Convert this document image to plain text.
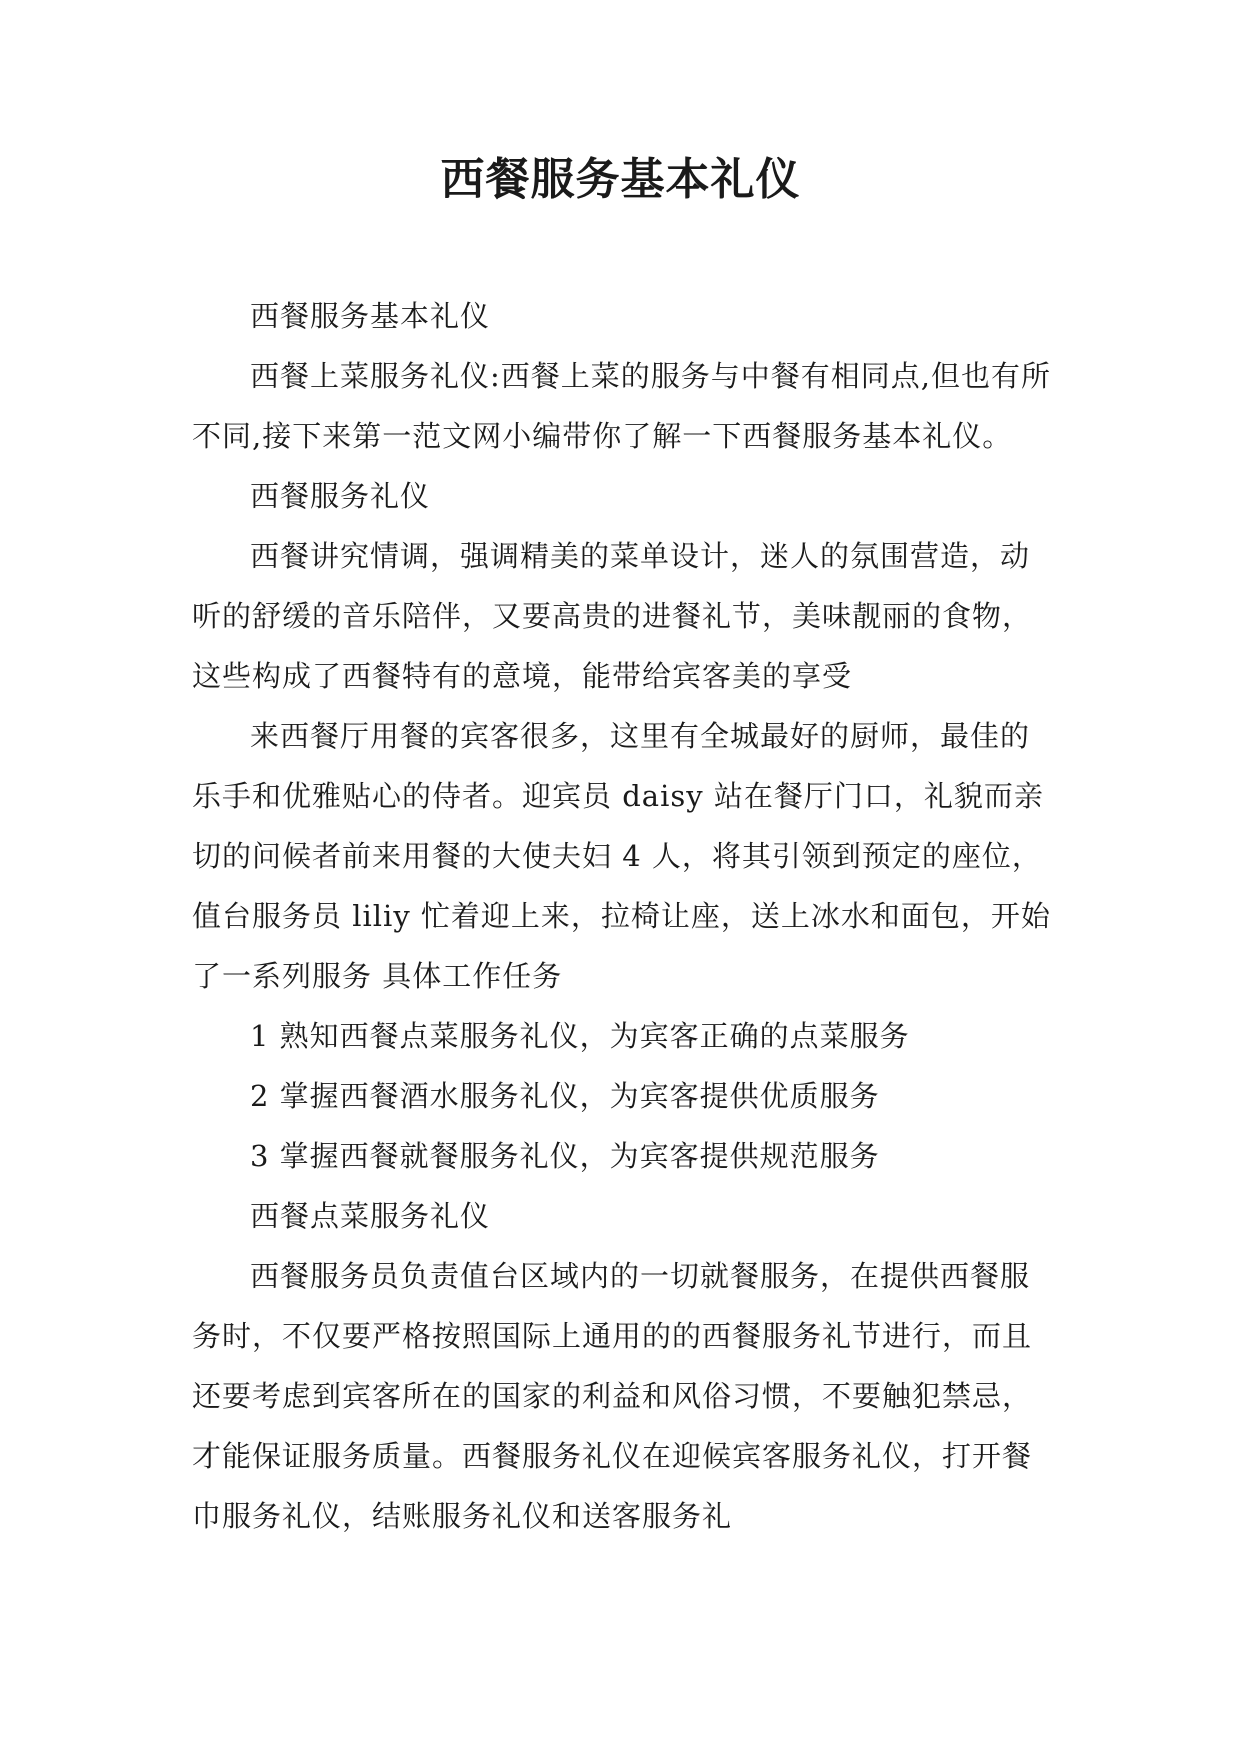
西餐服务基本礼仪

西餐服务基本礼仪

西餐上菜服务礼仪:西餐上菜的服务与中餐有相同点,但也有所不同,接下来第一范文网小编带你了解一下西餐服务基本礼仪。

西餐服务礼仪

西餐讲究情调，强调精美的菜单设计，迷人的氛围营造，动听的舒缓的音乐陪伴，又要高贵的进餐礼节，美味靓丽的食物，这些构成了西餐特有的意境，能带给宾客美的享受

来西餐厅用餐的宾客很多，这里有全城最好的厨师，最佳的乐手和优雅贴心的侍者。迎宾员 daisy 站在餐厅门口，礼貌而亲切的问候者前来用餐的大使夫妇 4 人，将其引领到预定的座位，值台服务员 liliy 忙着迎上来，拉椅让座，送上冰水和面包，开始了一系列服务 具体工作任务

1 熟知西餐点菜服务礼仪，为宾客正确的点菜服务

2 掌握西餐酒水服务礼仪，为宾客提供优质服务

3 掌握西餐就餐服务礼仪，为宾客提供规范服务

西餐点菜服务礼仪

西餐服务员负责值台区域内的一切就餐服务，在提供西餐服务时，不仅要严格按照国际上通用的的西餐服务礼节进行，而且还要考虑到宾客所在的国家的利益和风俗习惯，不要触犯禁忌，才能保证服务质量。西餐服务礼仪在迎候宾客服务礼仪，打开餐巾服务礼仪，结账服务礼仪和送客服务礼
